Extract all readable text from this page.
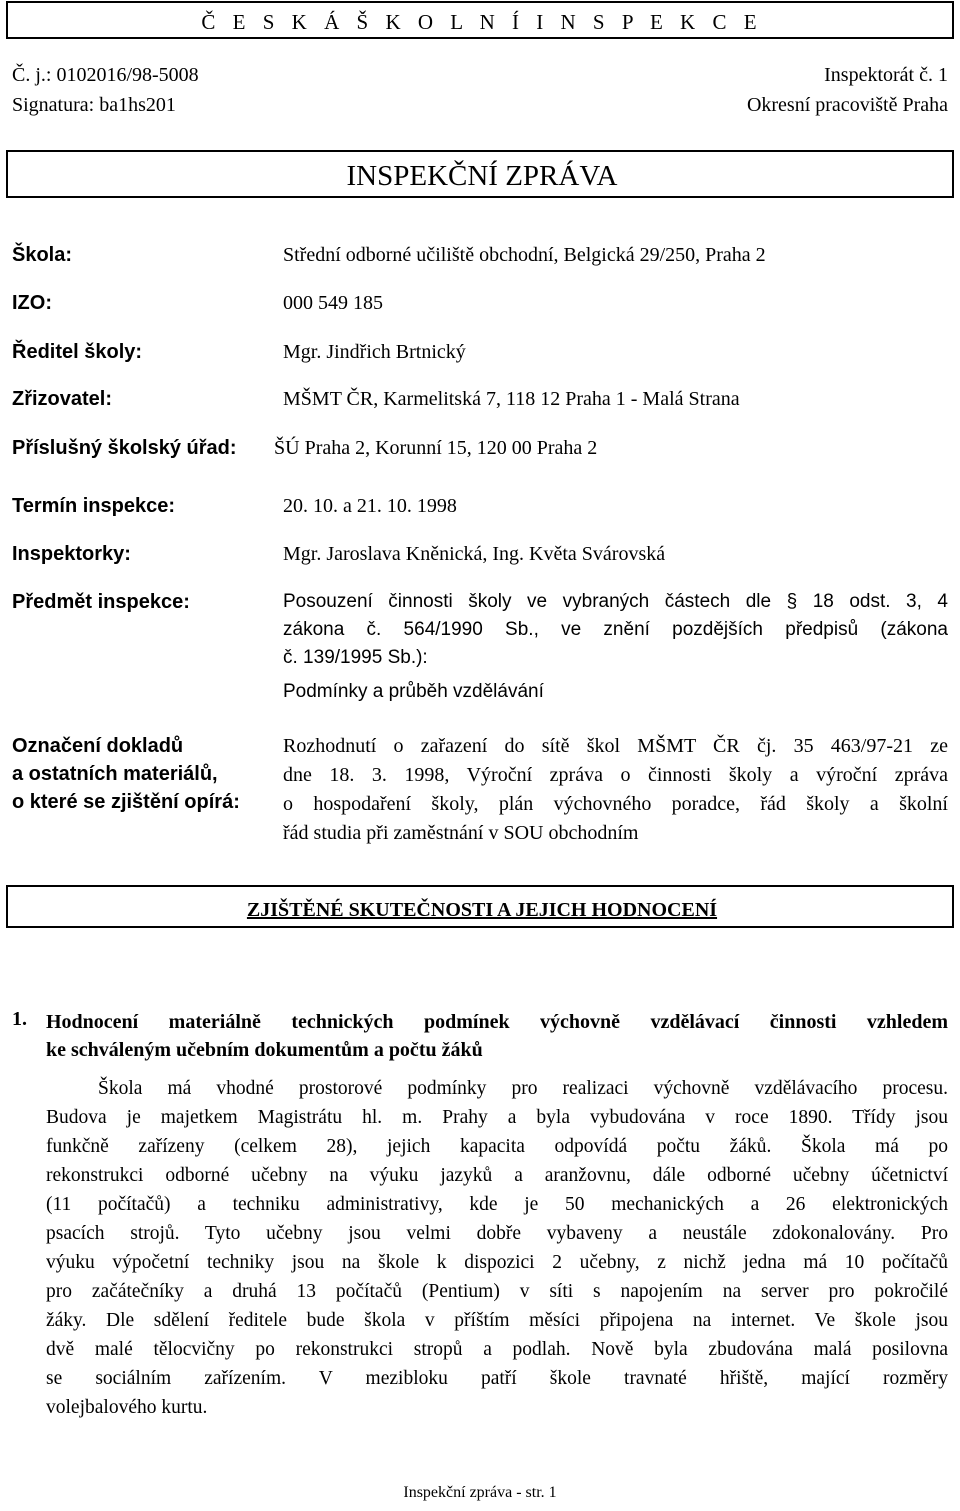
Č E S K Á Š K O L N Í I N S P E K C E
Č. j.: 0102016/98-5008
Signatura: ba1hs201
Inspektorát č. 1
Okresní pracoviště Praha
INSPEKČNÍ ZPRÁVA
Škola:	Střední odborné učiliště obchodní, Belgická 29/250, Praha 2
IZO:	000 549 185
Ředitel školy:	Mgr. Jindřich Brtnický
Zřizovatel:	MŠMT ČR, Karmelitská 7, 118 12 Praha 1 - Malá Strana
Příslušný školský úřad: ŠÚ Praha 2, Korunní 15, 120 00 Praha 2
Termín inspekce:	20. 10. a 21. 10. 1998
Inspektorky:	Mgr. Jaroslava Kněnická, Ing. Květa Svárovská
Předmět inspekce:	Posouzení činnosti školy ve vybraných částech dle § 18 odst. 3, 4
zákona č. 564/1990 Sb., ve znění pozdějších předpisů (zákona
č. 139/1995 Sb.):
Podmínky a průběh vzdělávání
Označení dokladů
a ostatních materiálů,
o které se zjištění opírá:
Rozhodnutí o zařazení do sítě škol MŠMT ČR čj. 35 463/97-21 ze
dne 18. 3. 1998, Výroční zpráva o činnosti školy a výroční zpráva
o hospodaření školy, plán výchovného poradce, řád školy a školní
řád studia při zaměstnání v SOU obchodním
ZJIŠTĚNÉ SKUTEČNOSTI A JEJICH HODNOCENÍ
1. Hodnocení materiálně technických podmínek výchovně vzdělávací činnosti vzhledem
ke schváleným učebním dokumentům a počtu žáků
Škola má vhodné prostorové podmínky pro realizaci výchovně vzdělávacího procesu.
Budova je majetkem Magistrátu hl. m. Prahy a byla vybudována v roce 1890. Třídy jsou
funkčně zařízeny (celkem 28), jejich kapacita odpovídá počtu žáků. Škola má po
rekonstrukci odborné učebny na výuku jazyků a aranžovnu, dále odborné učebny účetnictví
(11 počítačů) a techniku administrativy, kde je 50 mechanických a 26 elektronických
psacích strojů. Tyto učebny jsou velmi dobře vybaveny a neustále zdokonalovány. Pro
výuku výpočetní techniky jsou na škole k dispozici 2 učebny, z nichž jedna má 10 počítačů
pro začátečníky a druhá 13 počítačů (Pentium) v síti s napojením na server pro pokročilé
žáky. Dle sdělení ředitele bude škola v příštím měsíci připojena na internet. Ve škole jsou
dvě malé tělocvičny po rekonstrukci stropů a podlah. Nově byla zbudována malá posilovna
se sociálním zařízením. V mezibloku patří škole travnaté hřiště, mající rozměry
volejbalového kurtu.
Inspekční zpráva - str. 1
